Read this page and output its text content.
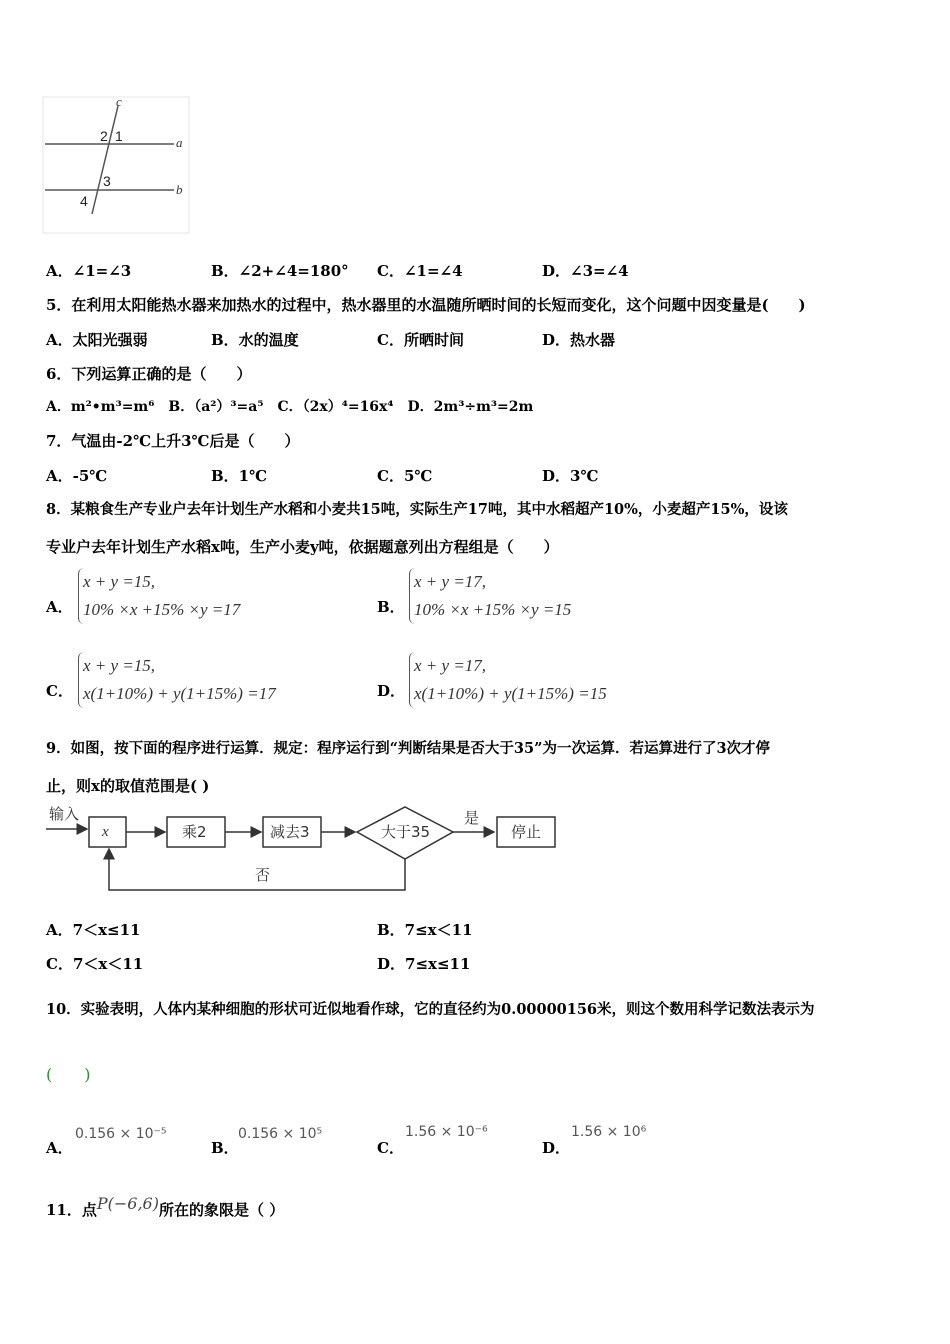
c
a
b
2 1
3
4
A．∠1=∠3	B．∠2+∠4=180° C．∠1=∠4	D．∠3=∠4
5．在利用太阳能热水器来加热水的过程中，热水器里的水温随所晒时间的长短而变化，这个问题中因变量是(　　)
A．太阳光强弱	B．水的温度	C．所晒时间	D．热水器
6．下列运算正确的是（　　）
A．m²•m³=m⁶　B．（a²）³=a⁵　C．（2x）⁴=16x⁴　D．2m³÷m³=2m
7．气温由-2℃上升3℃后是（　　）
A．-5℃	B．1℃	C．5℃	D．3℃
8．某粮食生产专业户去年计划生产水稻和小麦共15吨，实际生产17吨，其中水稻超产10%，小麦超产15%，设该
专业户去年计划生产水稻x吨，生产小麦y吨，依据题意列出方程组是（　　）
A．
x + y =15,
10% ×x +15% ×y =17	B．
x + y =17,
10% ×x +15% ×y =15
C．
x + y =15,
x(1+10%) + y(1+15%) =17	D．
x + y =17,
x(1+10%) + y(1+15%) =15
9．如图，按下面的程序进行运算．规定：程序运行到“判断结果是否大于35”为一次运算．若运算进行了3次才停
止，则x的取值范围是( )
输入
x	乘2	减去3	大于35
是
停止
否
A．7＜x≤11	B．7≤x＜11
C．7＜x＜11	D．7≤x≤11
10．实验表明，人体内某种细胞的形状可近似地看作球，它的直径约为0.00000156米，则这个数用科学记数法表示为
(　　)
A．
0.156 × 10⁻⁵
B．
0.156 × 10⁵
C．
1.56 × 10⁻⁶
D．
1.56 × 10⁶
11．点P(−6,6)所在的象限是（ ）
